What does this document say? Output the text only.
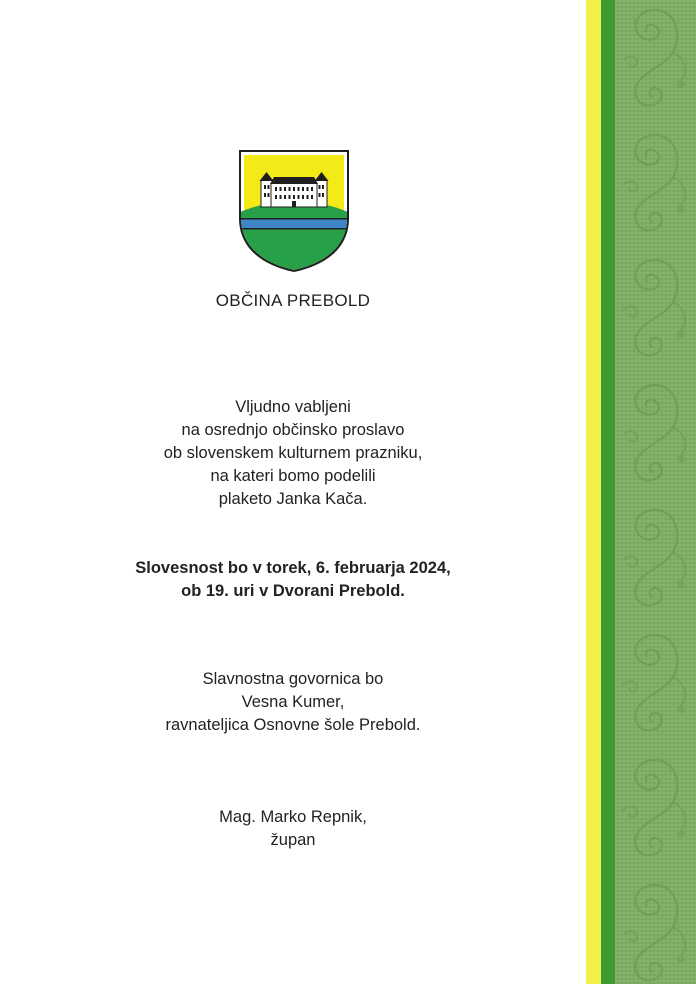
OBČINA PREBOLD
Vljudno vabljeni
na osrednjo občinsko proslavo
ob slovenskem kulturnem prazniku,
na kateri bomo podelili
plaketo Janka Kača.
Slovesnost bo v torek, 6. februarja 2024,
ob 19. uri v Dvorani Prebold.
Slavnostna govornica bo
Vesna Kumer,
ravnateljica Osnovne šole Prebold.
Mag. Marko Repnik,
župan
